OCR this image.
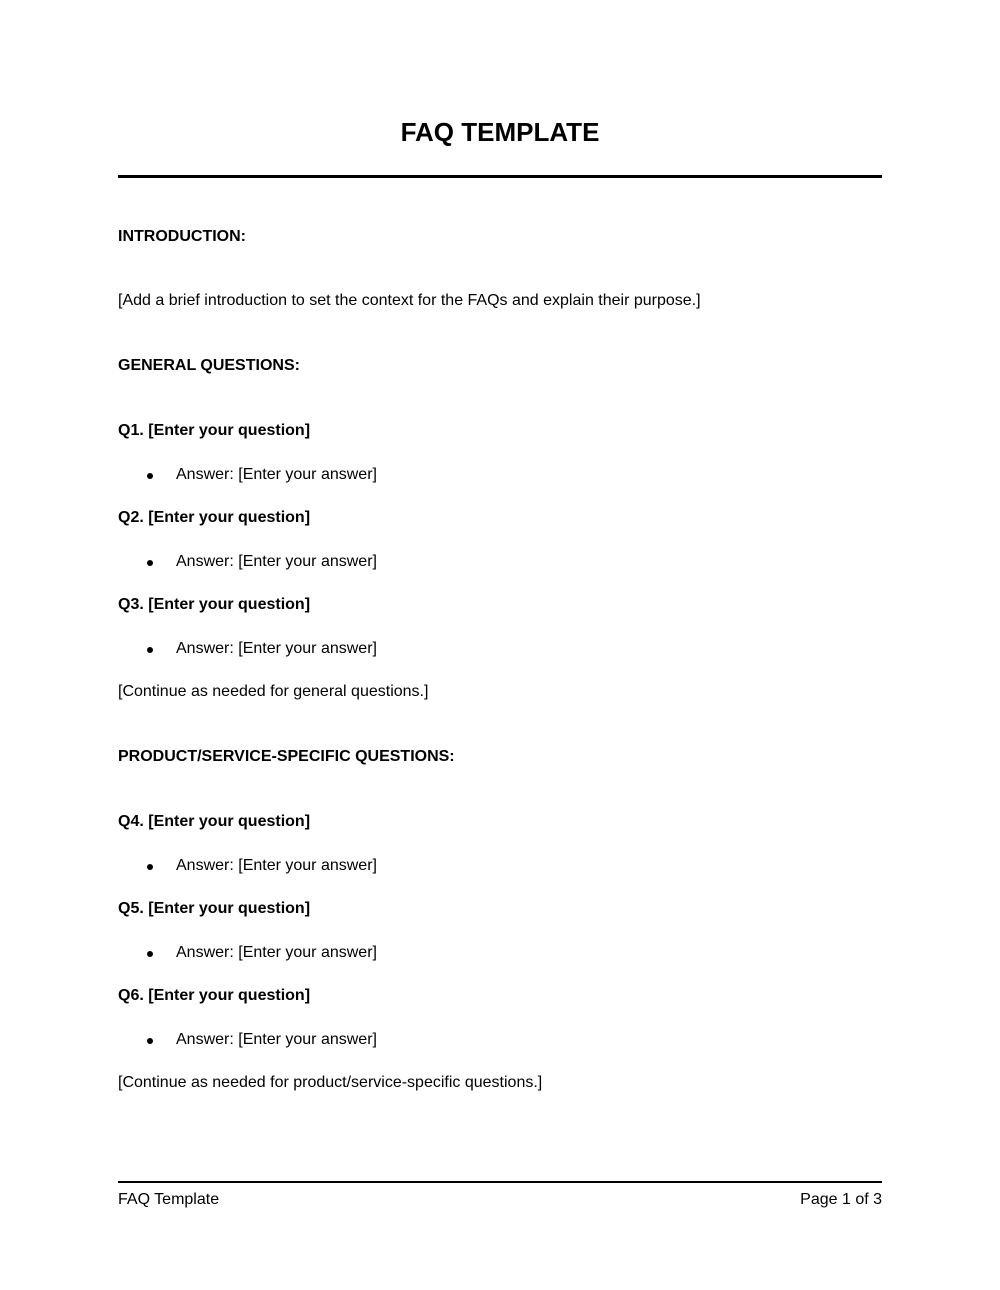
FAQ TEMPLATE
INTRODUCTION:
[Add a brief introduction to set the context for the FAQs and explain their purpose.]
GENERAL QUESTIONS:
Q1. [Enter your question]
Answer: [Enter your answer]
Q2. [Enter your question]
Answer: [Enter your answer]
Q3. [Enter your question]
Answer: [Enter your answer]
[Continue as needed for general questions.]
PRODUCT/SERVICE-SPECIFIC QUESTIONS:
Q4. [Enter your question]
Answer: [Enter your answer]
Q5. [Enter your question]
Answer: [Enter your answer]
Q6. [Enter your question]
Answer: [Enter your answer]
[Continue as needed for product/service-specific questions.]
FAQ Template	Page 1 of 3
